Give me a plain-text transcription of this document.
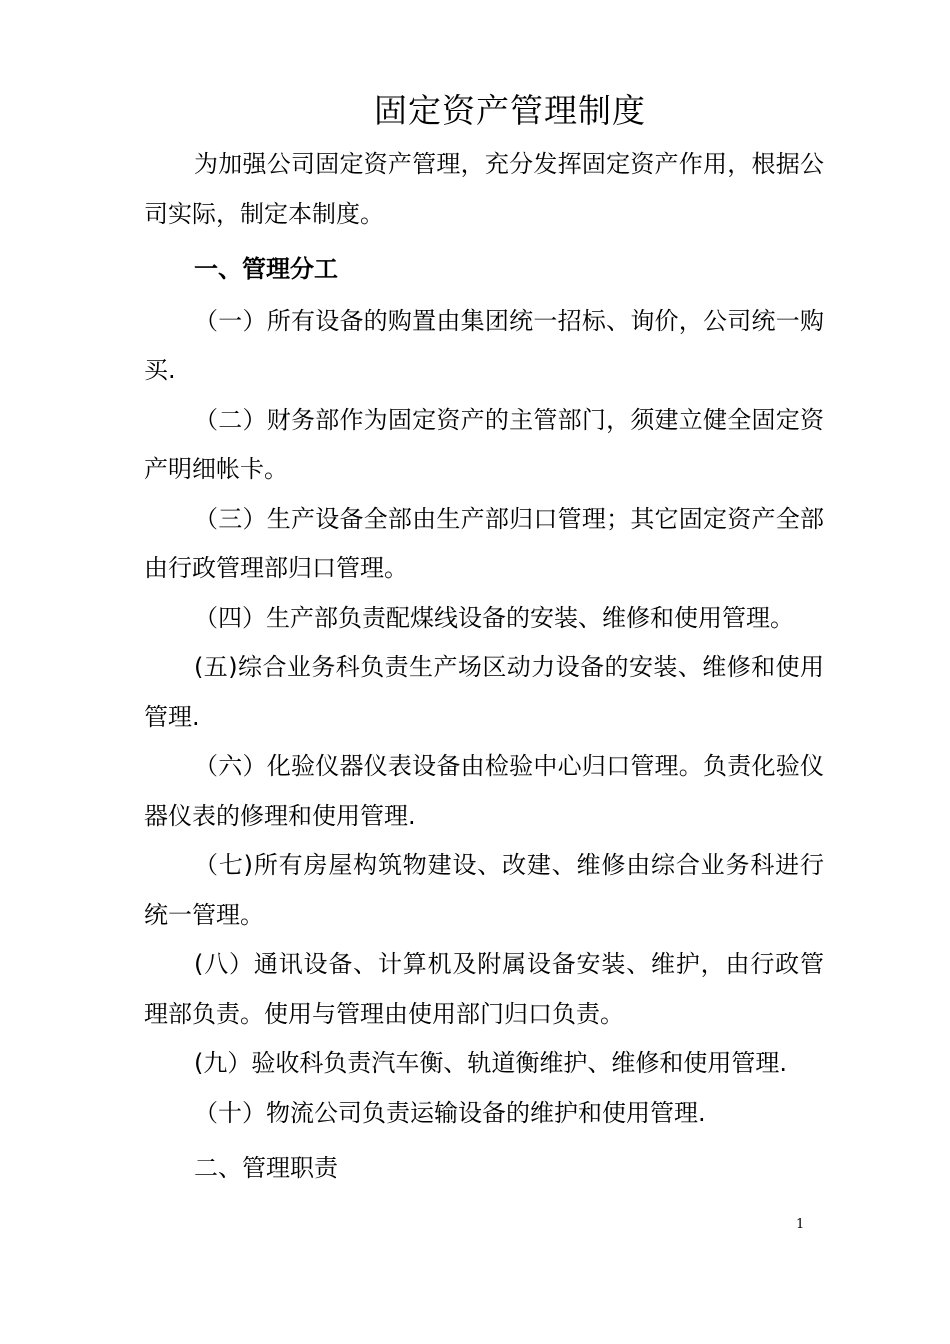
固定资产管理制度

为加强公司固定资产管理，充分发挥固定资产作用，根据公司实际，制定本制度。

一、管理分工

（一）所有设备的购置由集团统一招标、询价，公司统一购买.

（二）财务部作为固定资产的主管部门，须建立健全固定资产明细帐卡。

（三）生产设备全部由生产部归口管理；其它固定资产全部由行政管理部归口管理。

（四）生产部负责配煤线设备的安装、维修和使用管理。

(五)综合业务科负责生产场区动力设备的安装、维修和使用管理.

（六）化验仪器仪表设备由检验中心归口管理。负责化验仪器仪表的修理和使用管理.

（七)所有房屋构筑物建设、改建、维修由综合业务科进行统一管理。

(八）通讯设备、计算机及附属设备安装、维护，由行政管理部负责。使用与管理由使用部门归口负责。

(九）验收科负责汽车衡、轨道衡维护、维修和使用管理.

（十）物流公司负责运输设备的维护和使用管理.

二、管理职责

1
